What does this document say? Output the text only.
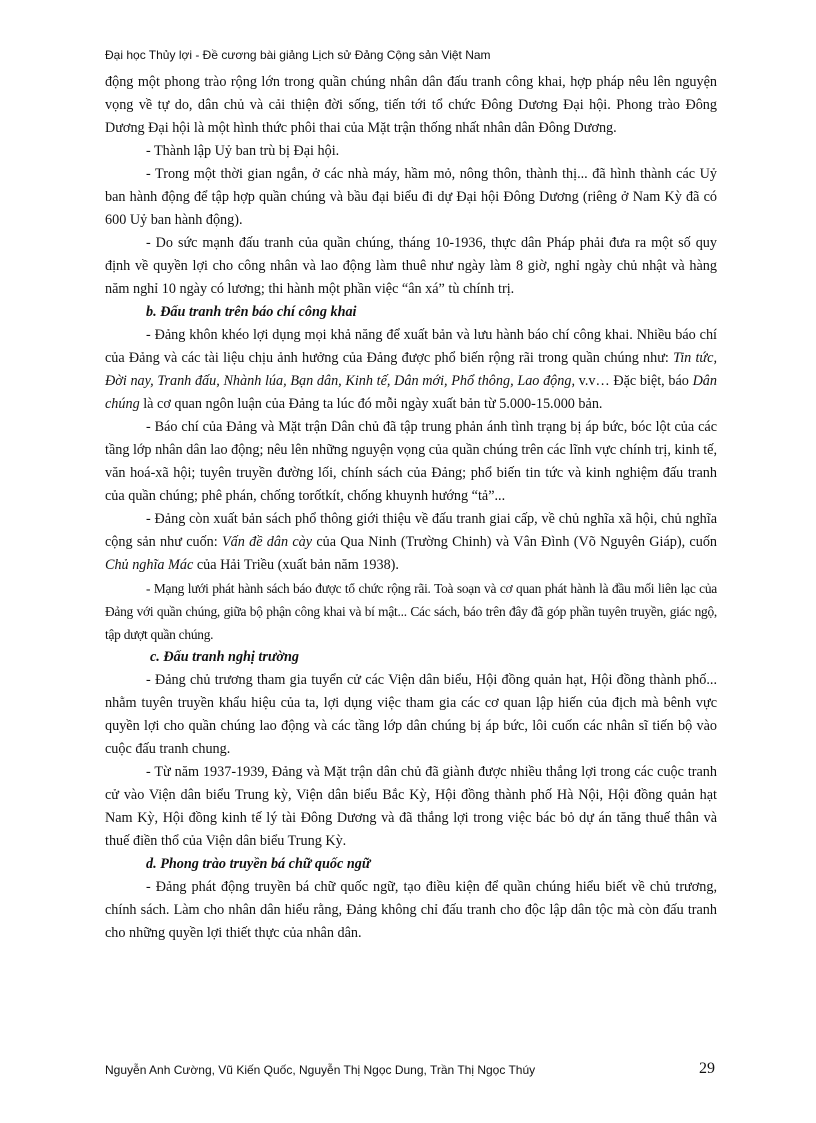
Đại học Thủy lợi - Đề cương bài giảng Lịch sử Đảng Cộng sản Việt Nam

động một phong trào rộng lớn trong quần chúng nhân dân đấu tranh công khai, hợp pháp nêu lên nguyện vọng về tự do, dân chủ và cải thiện đời sống, tiến tới tổ chức Đông Dương Đại hội. Phong trào Đông Dương Đại hội là một hình thức phôi thai của Mặt trận thống nhất nhân dân Đông Dương.

- Thành lập Uỷ ban trù bị Đại hội.

- Trong một thời gian ngắn, ở các nhà máy, hầm mỏ, nông thôn, thành thị... đã hình thành các Uỷ ban hành động để tập hợp quần chúng và bầu đại biểu đi dự Đại hội Đông Dương (riêng ở Nam Kỳ đã có 600 Uỷ ban hành động).

- Do sức mạnh đấu tranh của quần chúng, tháng 10-1936, thực dân Pháp phải đưa ra một số quy định về quyền lợi cho công nhân và lao động làm thuê như ngày làm 8 giờ, nghỉ ngày chủ nhật và hàng năm nghỉ 10 ngày có lương; thi hành một phần việc “ân xá” tù chính trị.

b. Đấu tranh trên báo chí công khai

- Đảng khôn khéo lợi dụng mọi khả năng để xuất bản và lưu hành báo chí công khai. Nhiều báo chí của Đảng và các tài liệu chịu ảnh hưởng của Đảng được phổ biến rộng rãi trong quần chúng như: Tin tức, Đời nay, Tranh đấu, Nhành lúa, Bạn dân, Kinh tế, Dân mới, Phổ thông, Lao động, v.v… Đặc biệt, báo Dân chúng là cơ quan ngôn luận của Đảng ta lúc đó mỗi ngày xuất bản từ 5.000-15.000 bản.

- Báo chí của Đảng và Mặt trận Dân chủ đã tập trung phản ánh tình trạng bị áp bức, bóc lột của các tầng lớp nhân dân lao động; nêu lên những nguyện vọng của quần chúng trên các lĩnh vực chính trị, kinh tế, văn hoá-xã hội; tuyên truyền đường lối, chính sách của Đảng; phổ biến tin tức và kinh nghiệm đấu tranh của quần chúng; phê phán, chống torốtkít, chống khuynh hướng “tả”...

- Đảng còn xuất bản sách phổ thông giới thiệu về đấu tranh giai cấp, về chủ nghĩa xã hội, chủ nghĩa cộng sản như cuốn: Vấn đề dân cày của Qua Ninh (Trường Chinh) và Vân Đình (Võ Nguyên Giáp), cuốn Chủ nghĩa Mác của Hải Triều (xuất bản năm 1938).

- Mạng lưới phát hành sách báo được tổ chức rộng rãi. Toà soạn và cơ quan phát hành là đầu mối liên lạc của Đảng với quần chúng, giữa bộ phận công khai và bí mật... Các sách, báo trên đây đã góp phần tuyên truyền, giác ngộ, tập dượt quần chúng.

c. Đấu tranh nghị trường

- Đảng chủ trương tham gia tuyển cử các Viện dân biểu, Hội đồng quản hạt, Hội đồng thành phố... nhằm tuyên truyền khẩu hiệu của ta, lợi dụng việc tham gia các cơ quan lập hiến của địch mà bênh vực quyền lợi cho quần chúng lao động và các tầng lớp dân chúng bị áp bức, lôi cuốn các nhân sĩ tiến bộ vào cuộc đấu tranh chung.

- Từ năm 1937-1939, Đảng và Mặt trận dân chủ đã giành được nhiều thắng lợi trong các cuộc tranh cử vào Viện dân biểu Trung kỳ, Viện dân biểu Bắc Kỳ, Hội đồng thành phố Hà Nội, Hội đồng quản hạt Nam Kỳ, Hội đồng kinh tế lý tài Đông Dương và đã thắng lợi trong việc bác bỏ dự án tăng thuế thân và thuế điền thổ của Viện dân biểu Trung Kỳ.

d. Phong trào truyền bá chữ quốc ngữ

- Đảng phát động truyền bá chữ quốc ngữ, tạo điều kiện để quần chúng hiểu biết về chủ trương, chính sách. Làm cho nhân dân hiểu rằng, Đảng không chỉ đấu tranh cho độc lập dân tộc mà còn đấu tranh cho những quyền lợi thiết thực của nhân dân.

Nguyễn Anh Cường, Vũ Kiến Quốc, Nguyễn Thị Ngọc Dung, Trần Thị Ngọc Thúy	29
